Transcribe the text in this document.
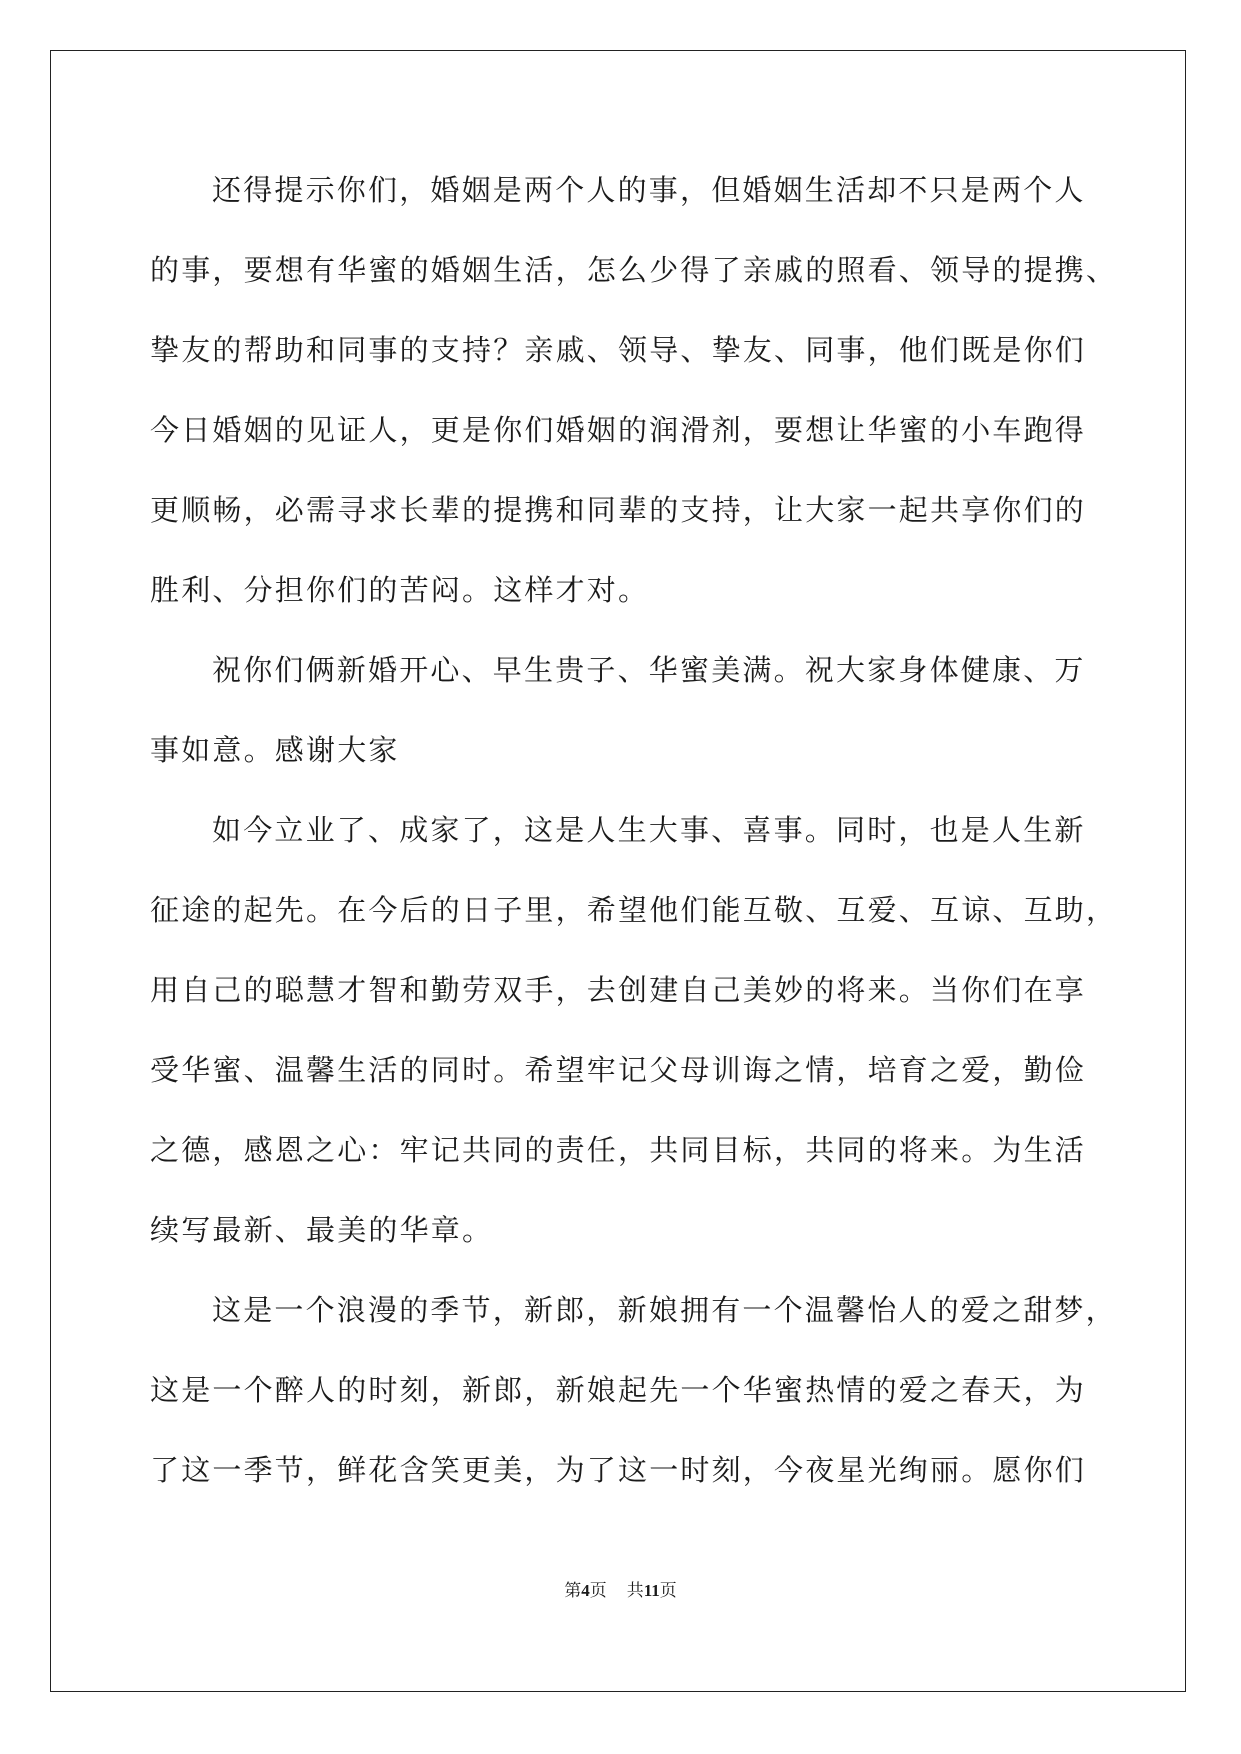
还得提示你们，婚姻是两个人的事，但婚姻生活却不只是两个人
的事，要想有华蜜的婚姻生活，怎么少得了亲戚的照看、领导的提携、
挚友的帮助和同事的支持？亲戚、领导、挚友、同事，他们既是你们
今日婚姻的见证人，更是你们婚姻的润滑剂，要想让华蜜的小车跑得
更顺畅，必需寻求长辈的提携和同辈的支持，让大家一起共享你们的
胜利、分担你们的苦闷。这样才对。
祝你们俩新婚开心、早生贵子、华蜜美满。祝大家身体健康、万
事如意。感谢大家
如今立业了、成家了，这是人生大事、喜事。同时，也是人生新
征途的起先。在今后的日子里，希望他们能互敬、互爱、互谅、互助，
用自己的聪慧才智和勤劳双手，去创建自己美妙的将来。当你们在享
受华蜜、温馨生活的同时。希望牢记父母训诲之情，培育之爱，勤俭
之德，感恩之心：牢记共同的责任，共同目标，共同的将来。为生活
续写最新、最美的华章。
这是一个浪漫的季节，新郎，新娘拥有一个温馨怡人的爱之甜梦，
这是一个醉人的时刻，新郎，新娘起先一个华蜜热情的爱之春天，为
了这一季节，鲜花含笑更美，为了这一时刻，今夜星光绚丽。愿你们
第4页 共11页
